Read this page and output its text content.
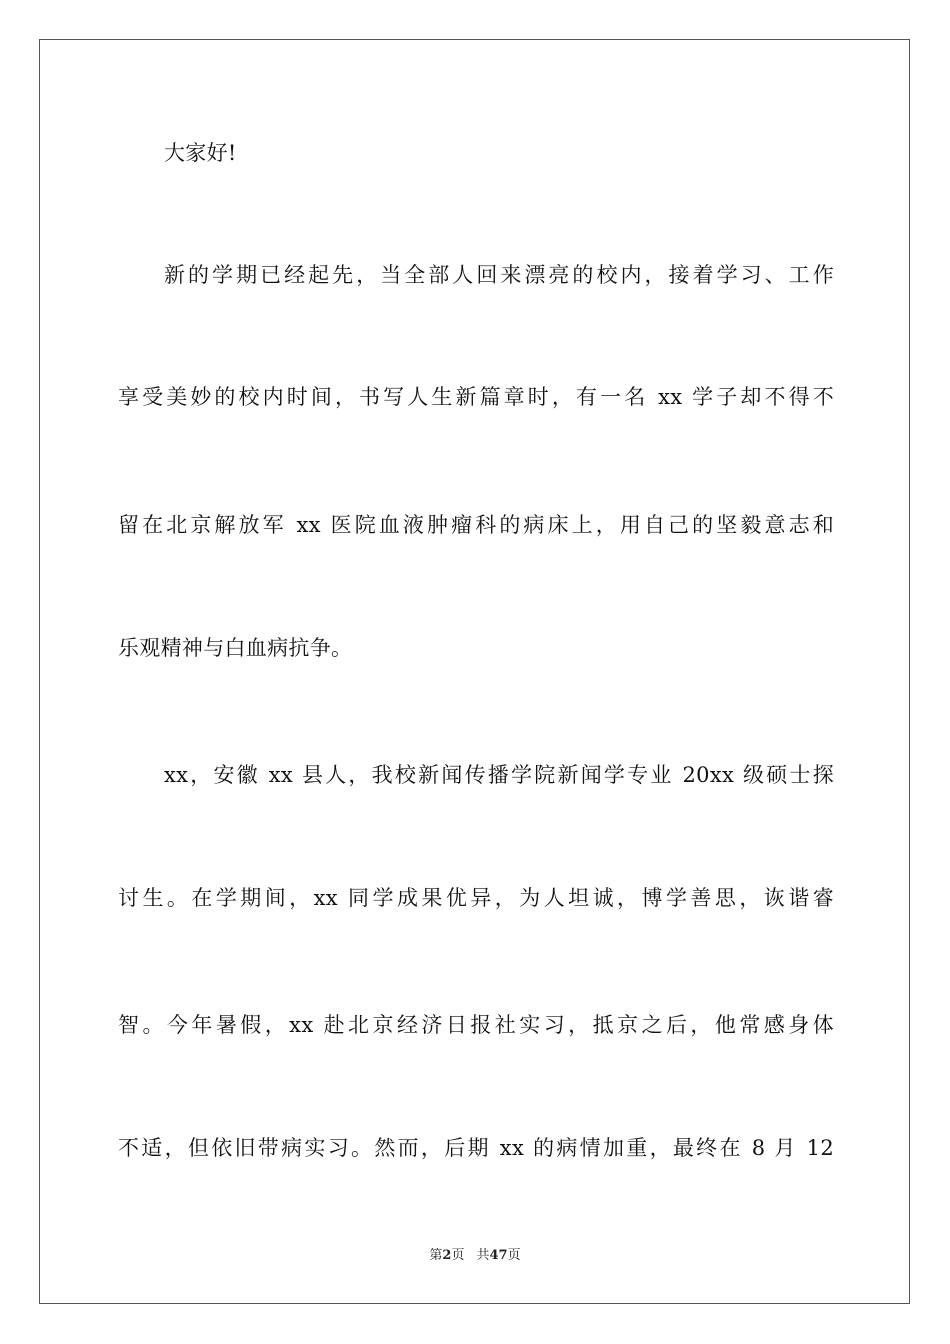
大家好!
新的学期已经起先，当全部人回来漂亮的校内，接着学习、工作
享受美妙的校内时间，书写人生新篇章时，有一名 xx 学子却不得不
留在北京解放军 xx 医院血液肿瘤科的病床上，用自己的坚毅意志和
乐观精神与白血病抗争。
xx，安徽 xx 县人，我校新闻传播学院新闻学专业 20xx 级硕士探
讨生。在学期间，xx 同学成果优异，为人坦诚，博学善思，诙谐睿
智。今年暑假，xx 赴北京经济日报社实习，抵京之后，他常感身体
不适，但依旧带病实习。然而，后期 xx 的病情加重，最终在 8 月 12
第2页 共47页
